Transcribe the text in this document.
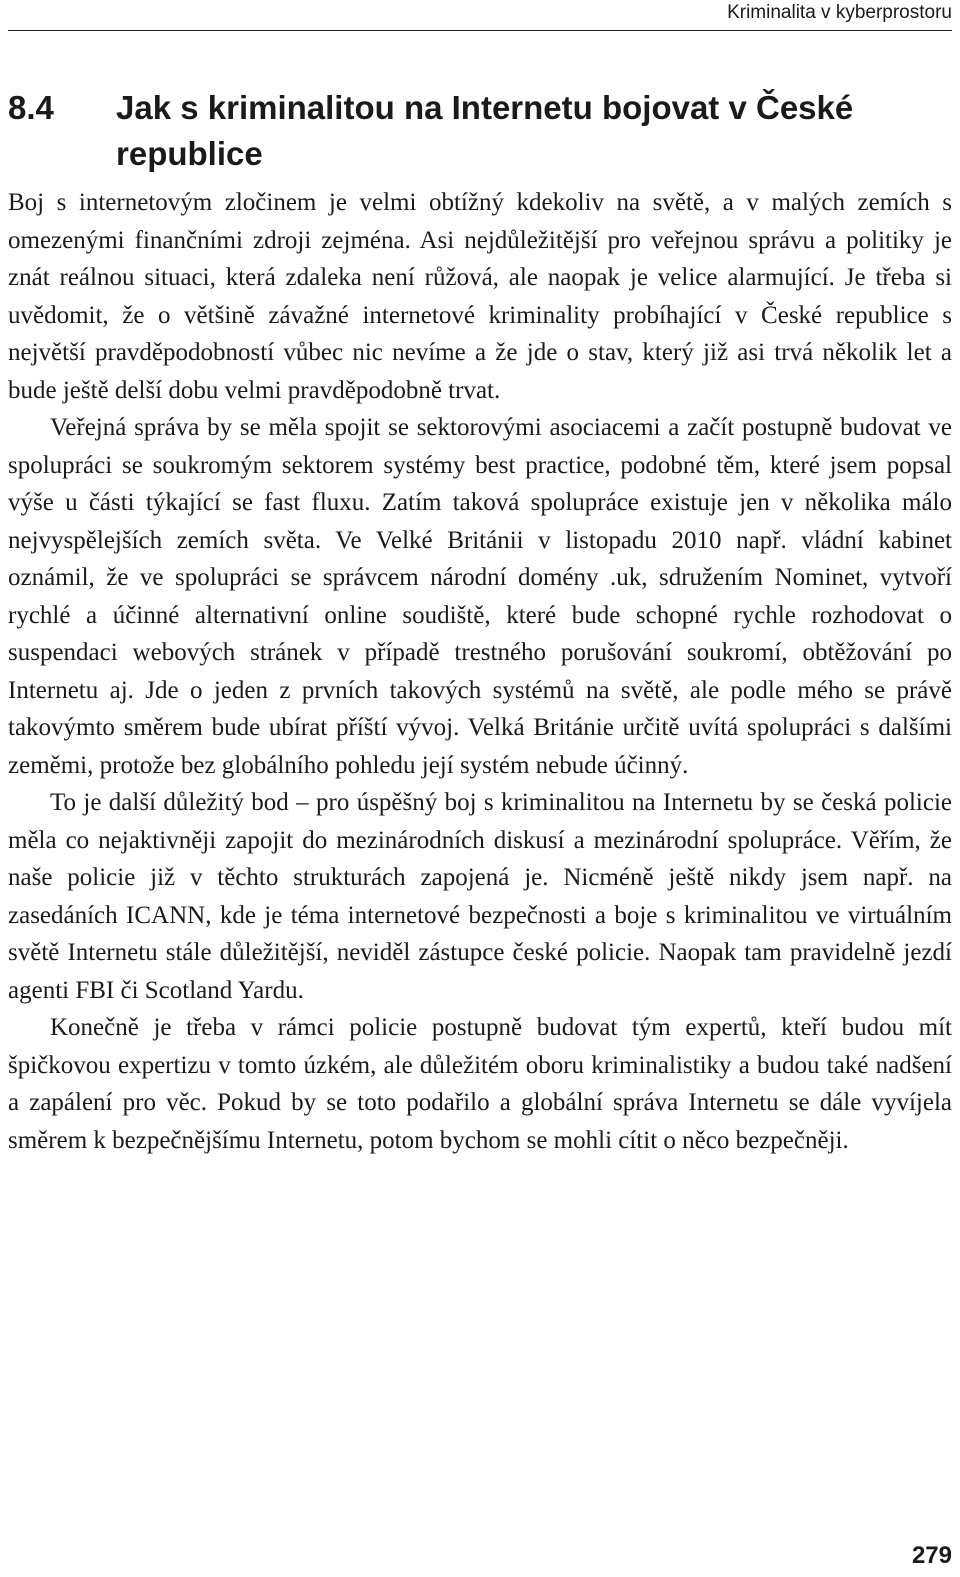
Kriminalita v kyberprostoru
8.4	Jak s kriminalitou na Internetu bojovat v České republice

Boj s internetovým zločinem je velmi obtížný kdekoliv na světě, a v malých zemích s omezenými finančními zdroji zejména. Asi nejdůležitější pro veřejnou správu a politiky je znát reálnou situaci, která zdaleka není růžová, ale naopak je velice alarmující. Je třeba si uvědomit, že o většině závažné internetové kriminality probíhající v České republice s největší pravděpodobností vůbec nic nevíme a že jde o stav, který již asi trvá několik let a bude ještě delší dobu velmi pravděpodobně trvat.

Veřejná správa by se měla spojit se sektorovými asociacemi a začít postupně budovat ve spolupráci se soukromým sektorem systémy best practice, podobné těm, které jsem popsal výše u části týkající se fast fluxu. Zatím taková spolupráce existuje jen v několika málo nejvyspělejších zemích světa. Ve Velké Británii v listopadu 2010 např. vládní kabinet oznámil, že ve spolupráci se správcem národní domény .uk, sdružením Nominet, vytvoří rychlé a účinné alternativní online soudiště, které bude schopné rychle rozhodovat o suspendaci webových stránek v případě trestného porušování soukromí, obtěžování po Internetu aj. Jde o jeden z prvních takových systémů na světě, ale podle mého se právě takovýmto směrem bude ubírat příští vývoj. Velká Británie určitě uvítá spolupráci s dalšími zeměmi, protože bez globálního pohledu její systém nebude účinný.

To je další důležitý bod – pro úspěšný boj s kriminalitou na Internetu by se česká policie měla co nejaktivněji zapojit do mezinárodních diskusí a mezinárodní spolupráce. Věřím, že naše policie již v těchto strukturách zapojená je. Nicméně ještě nikdy jsem např. na zasedáních ICANN, kde je téma internetové bezpečnosti a boje s kriminalitou ve virtuálním světě Internetu stále důležitější, neviděl zástupce české policie. Naopak tam pravidelně jezdí agenti FBI či Scotland Yardu.

Konečně je třeba v rámci policie postupně budovat tým expertů, kteří budou mít špičkovou expertizu v tomto úzkém, ale důležitém oboru kriminalistiky a budou také nadšení a zapálení pro věc. Pokud by se toto podařilo a globální správa Internetu se dále vyvíjela směrem k bezpečnějšímu Internetu, potom bychom se mohli cítit o něco bezpečněji.

279
